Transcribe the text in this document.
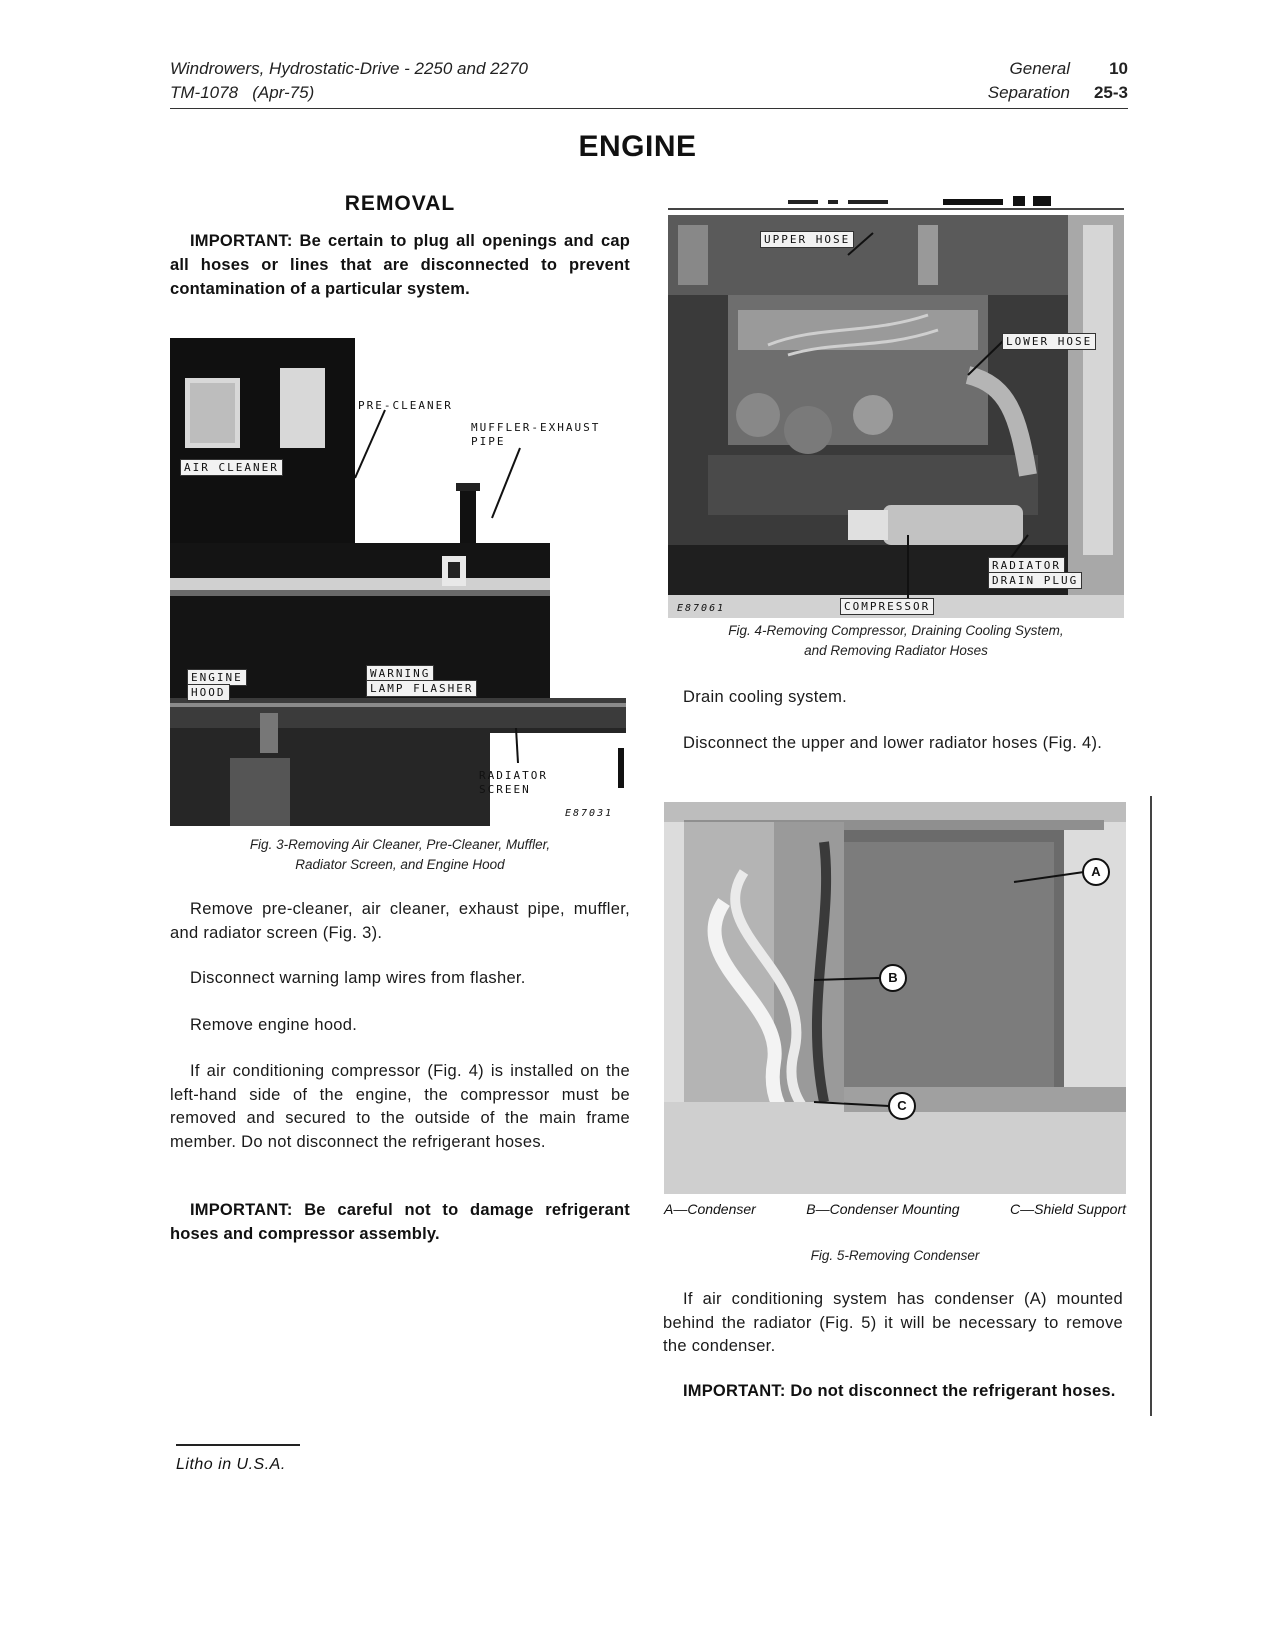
Windrowers, Hydrostatic-Drive - 2250 and 2270
TM-1078   (Apr-75)
General
Separation
10
25-3
ENGINE
REMOVAL
IMPORTANT: Be certain to plug all openings and cap all hoses or lines that are disconnected to prevent contamination of a particular system.
PRE-CLEANER
MUFFLER-EXHAUST
PIPE
AIR CLEANER
ENGINE
HOOD
WARNING
LAMP FLASHER
RADIATOR
SCREEN
E87031
Fig. 3-Removing Air Cleaner, Pre-Cleaner, Muffler,
Radiator Screen, and Engine Hood
Remove pre-cleaner, air cleaner, exhaust pipe, muffler, and radiator screen (Fig. 3).
Disconnect warning lamp wires from flasher.
Remove engine hood.
If air conditioning compressor (Fig. 4) is installed on the left-hand side of the engine, the compressor must be removed and secured to the outside of the main frame member. Do not disconnect the refrigerant hoses.
IMPORTANT: Be careful not to damage refrigerant hoses and compressor assembly.
UPPER HOSE
LOWER HOSE
RADIATOR
DRAIN PLUG
COMPRESSOR
E87061
Fig. 4-Removing Compressor, Draining Cooling System,
and Removing Radiator Hoses
Drain cooling system.
Disconnect the upper and lower radiator hoses (Fig. 4).
A
B
C
A—Condenser	B—Condenser Mounting	C—Shield Support
Fig. 5-Removing Condenser
If air conditioning system has condenser (A) mounted behind the radiator (Fig. 5) it will be necessary to remove the condenser.
IMPORTANT: Do not disconnect the refrigerant hoses.
Litho in U.S.A.
